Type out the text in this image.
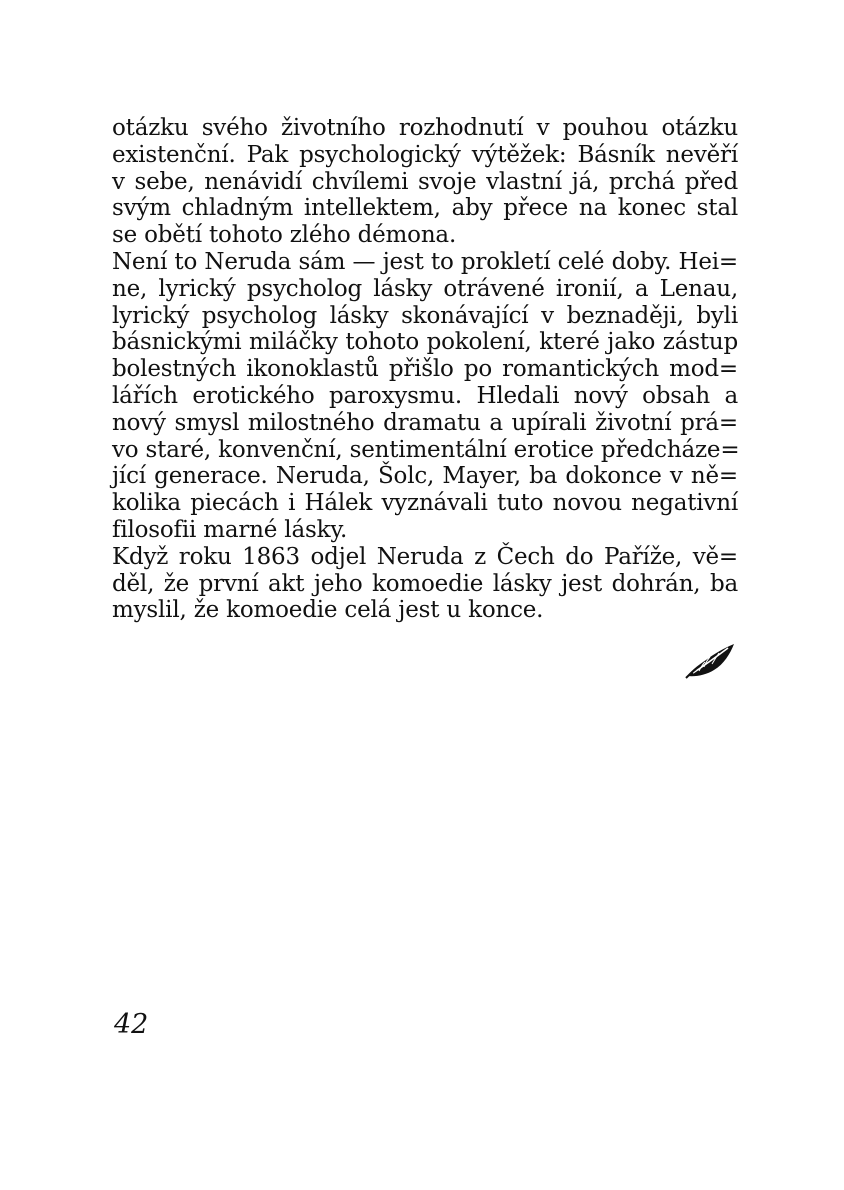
otázku svého životního rozhodnutí v pouhou otázku
existenční. Pak psychologický výtěžek: Básník nevěří
v sebe, nenávidí chvílemi svoje vlastní já, prchá před
svým chladným intellektem, aby přece na konec stal
se obětí tohoto zlého démona.
Není to Neruda sám — jest to prokletí celé doby. Hei=
ne, lyrický psycholog lásky otrávené ironií, a Lenau,
lyrický psycholog lásky skonávající v beznaději, byli
básnickými miláčky tohoto pokolení, které jako zástup
bolestných ikonoklastů přišlo po romantických mod=
lářích erotického paroxysmu. Hledali nový obsah a
nový smysl milostného dramatu a upírali životní prá=
vo staré, konvenční, sentimentální erotice předcháze=
jící generace. Neruda, Šolc, Mayer, ba dokonce v ně=
kolika piecách i Hálek vyznávali tuto novou negativní
filosofii marné lásky.
Když roku 1863 odjel Neruda z Čech do Paříže, vě=
děl, že první akt jeho komoedie lásky jest dohrán, ba
myslil, že komoedie celá jest u konce.
42
